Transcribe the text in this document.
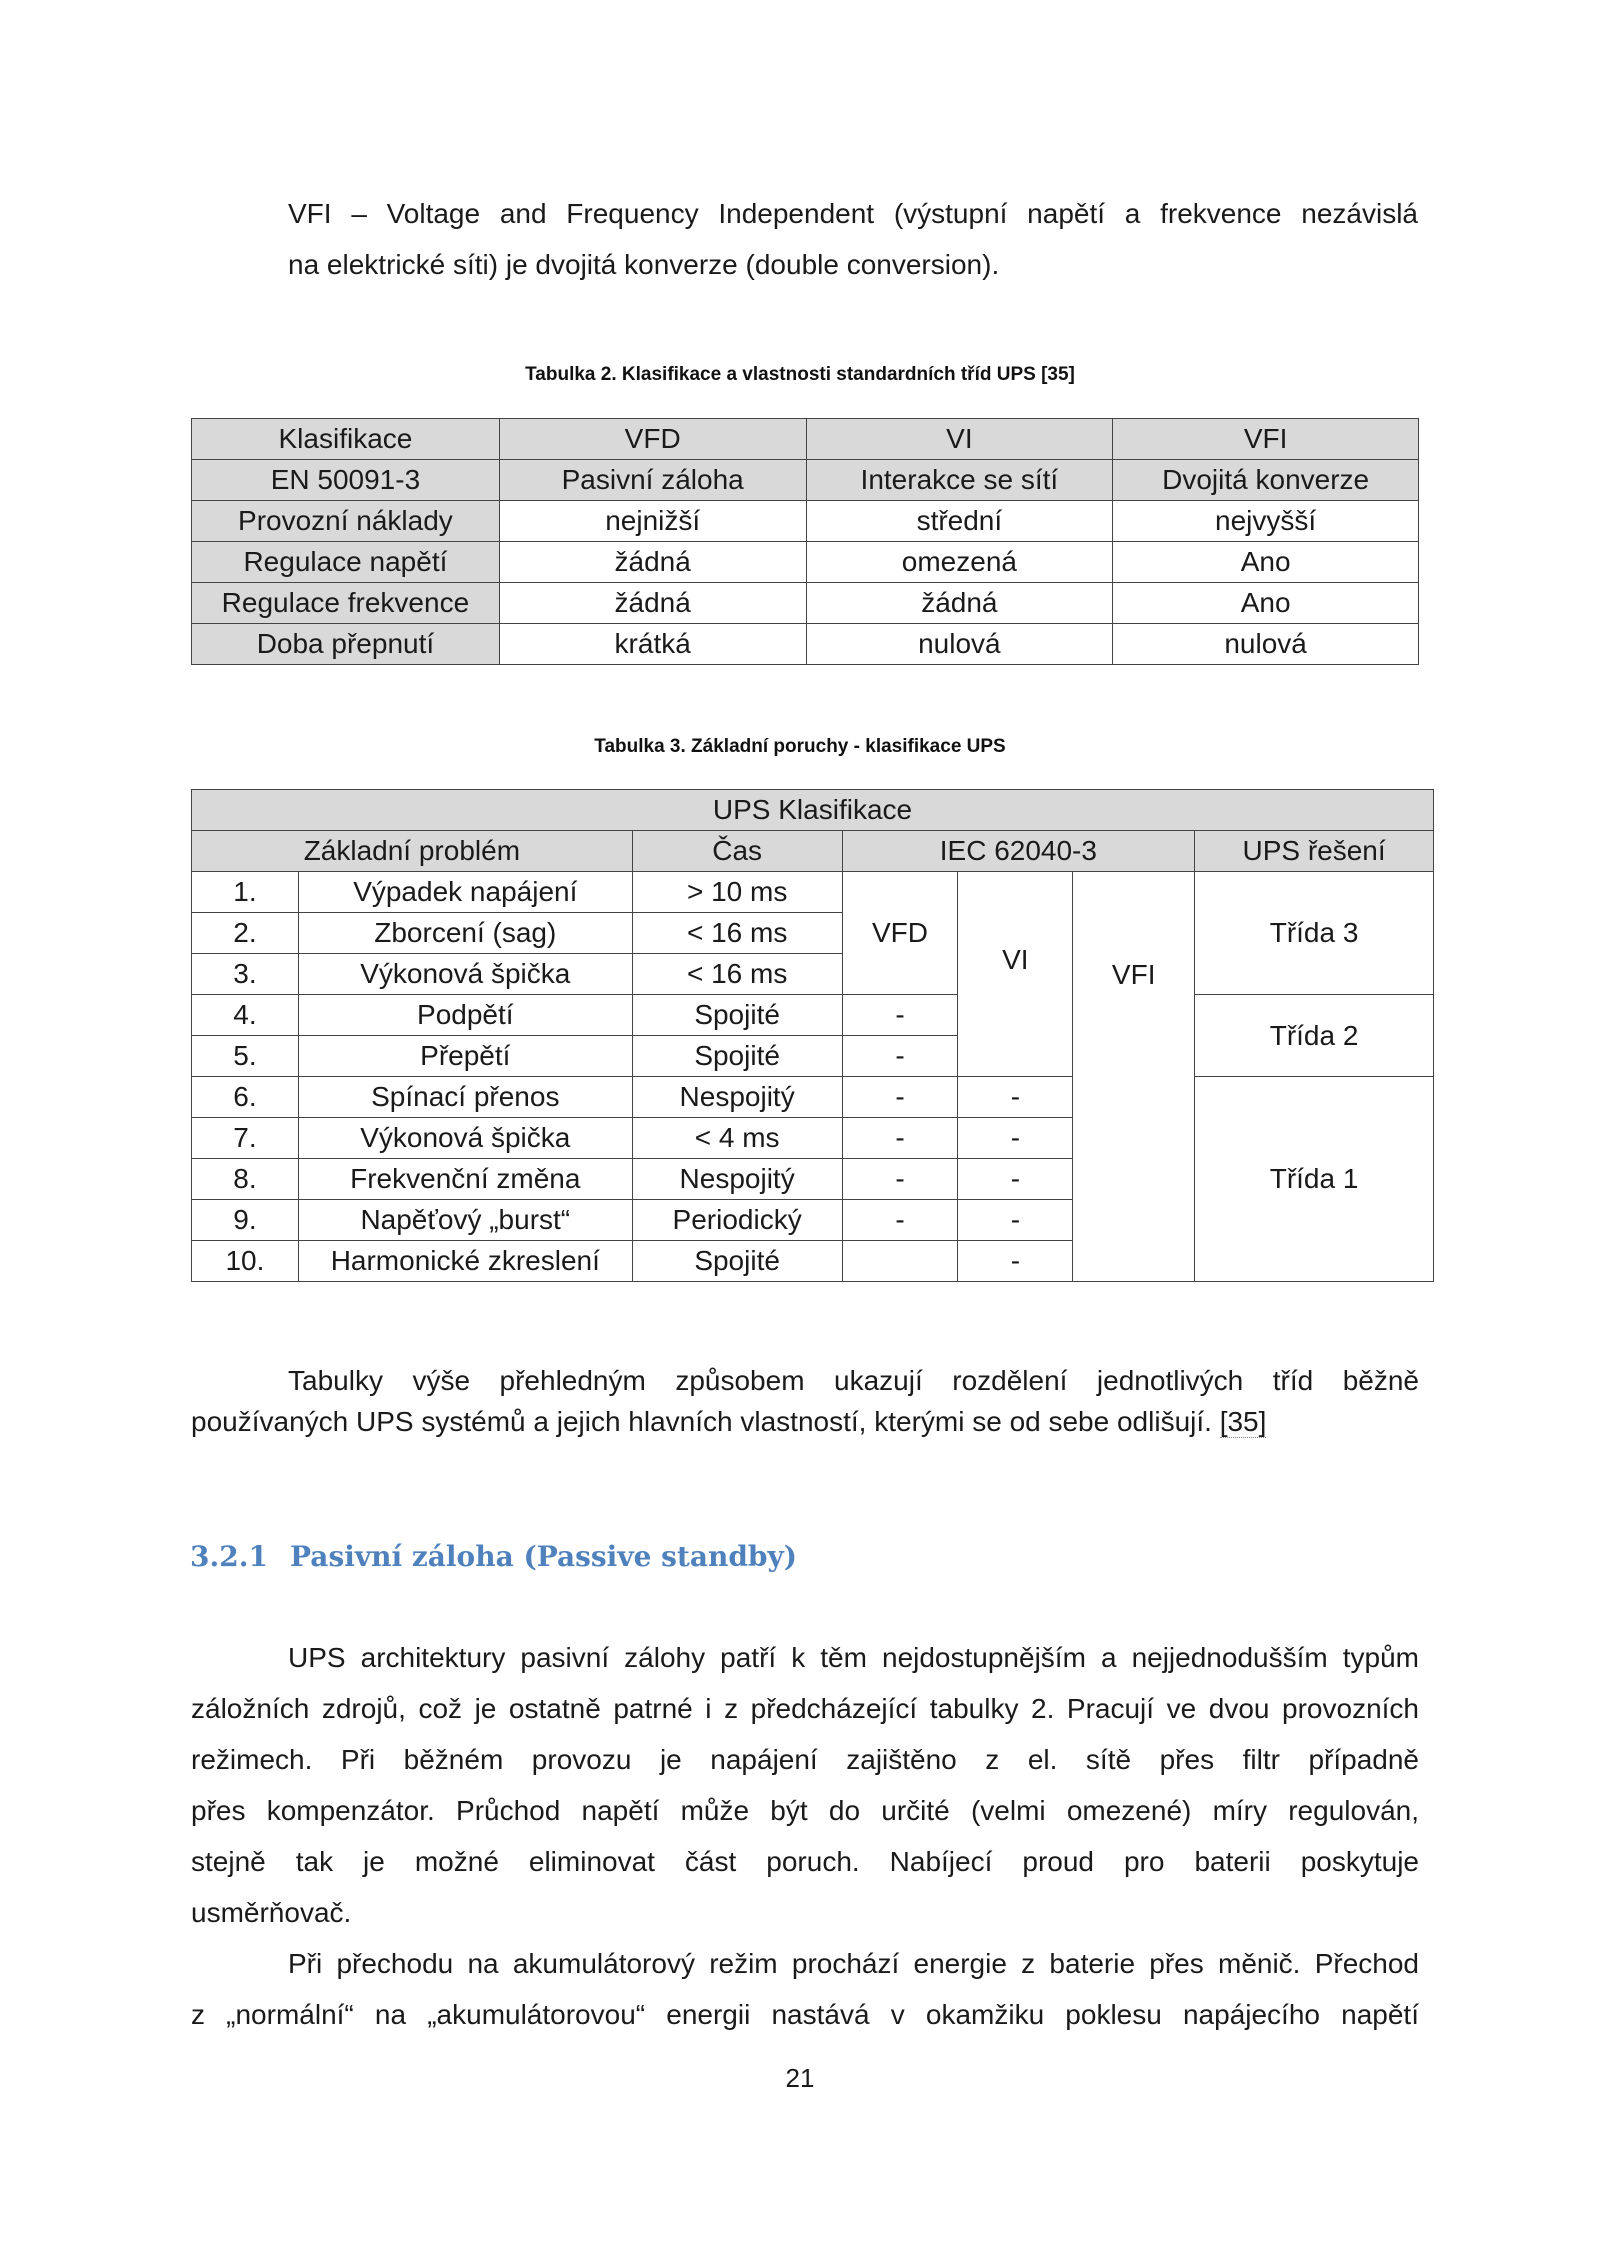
VFI – Voltage and Frequency Independent (výstupní napětí a frekvence nezávislá
na elektrické síti) je dvojitá konverze (double conversion).
Tabulka 2. Klasifikace a vlastnosti standardních tříd UPS [35]
Klasifikace	VFD	VI	VFI
EN 50091-3	Pasivní záloha	Interakce se sítí	Dvojitá konverze
Provozní náklady	nejnižší	střední	nejvyšší
Regulace napětí	žádná	omezená	Ano
Regulace frekvence	žádná	žádná	Ano
Doba přepnutí	krátká	nulová	nulová
Tabulka 3. Základní poruchy - klasifikace UPS
UPS Klasifikace						
Základní problém		Čas	IEC 62040-3			UPS řešení
1.	Výpadek napájení	> 10 ms	VFD	VI	VFI	Třída 3
2.	Zborcení (sag)	< 16 ms				
3.	Výkonová špička	< 16 ms				
4.	Podpětí	Spojité	-			Třída 2
5.	Přepětí	Spojité	-			
6.	Spínací přenos	Nespojitý	-	-		Třída 1
7.	Výkonová špička	< 4 ms	-	-		
8.	Frekvenční změna	Nespojitý	-	-		
9.	Napěťový „burst“	Periodický	-	-		
10.	Harmonické zkreslení	Spojité		-		
Tabulky výše přehledným způsobem ukazují rozdělení jednotlivých tříd běžně
používaných UPS systémů a jejich hlavních vlastností, kterými se od sebe odlišují. [35]
3.2.1 Pasivní záloha (Passive standby)
UPS architektury pasivní zálohy patří k těm nejdostupnějším a nejjednodušším typům
záložních zdrojů, což je ostatně patrné i z předcházející tabulky 2. Pracují ve dvou provozních
režimech. Při běžném provozu je napájení zajištěno z el. sítě přes filtr případně
přes kompenzátor. Průchod napětí může být do určité (velmi omezené) míry regulován,
stejně tak je možné eliminovat část poruch. Nabíjecí proud pro baterii poskytuje
usměrňovač.
Při přechodu na akumulátorový režim prochází energie z baterie přes měnič. Přechod
z „normální“ na „akumulátorovou“ energii nastává v okamžiku poklesu napájecího napětí
21
